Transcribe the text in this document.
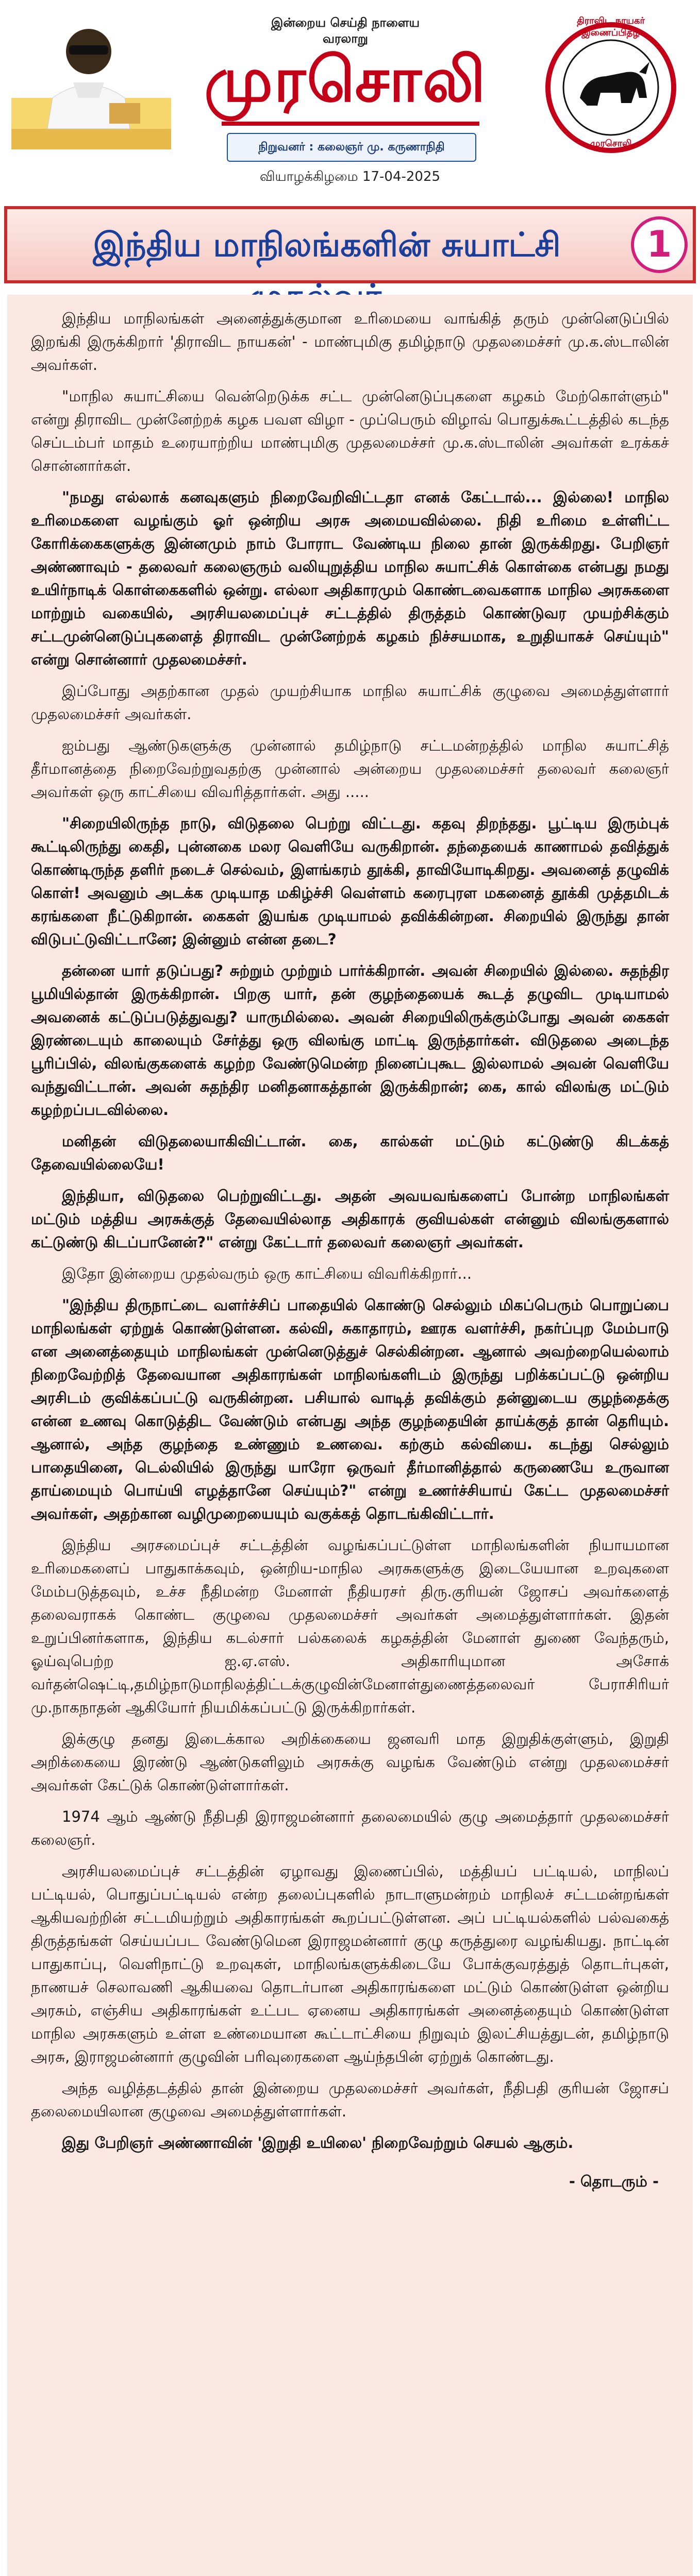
இன்றைய செய்தி நாளைய வரலாறு
முரசொலி
நிறுவனர் : கலைஞர் மு. கருணாநிதி
திராவிட நாயகர் இணைப்பிதழ்
முரசொலி
வியாழக்கிழமை 17-04-2025
இந்திய மாநிலங்களின் சுயாட்சி	1

இந்திய மாநிலங்கள் அனைத்துக்குமான உரிமையை வாங்கித் தரும் முன்னெடுப்பில் இறங்கி இருக்கிறார் 'திராவிட நாயகன்' - மாண்புமிகு தமிழ்நாடு முதலமைச்சர் மு.க.ஸ்டாலின் அவர்கள்.

"மாநில சுயாட்சியை வென்றெடுக்க சட்ட முன்னெடுப்புகளை கழகம் மேற்கொள்ளும்" என்று திராவிட முன்னேற்றக் கழக பவள விழா - முப்பெரும் விழாவ் பொதுக்கூட்டத்தில் கடந்த செப்டம்பர் மாதம் உரையாற்றிய மாண்புமிகு முதலமைச்சர் மு.க.ஸ்டாலின் அவர்கள் உரக்கச் சொன்னார்கள்.

"நமது எல்லாக் கனவுகளும் நிறைவேறிவிட்டதா எனக் கேட்டால்... இல்லை! மாநில உரிமைகளை வழங்கும் ஓர் ஒன்றிய அரசு அமையவில்லை. நிதி உரிமை உள்ளிட்ட கோரிக்கைகளுக்கு இன்னமும் நாம் போராட வேண்டிய நிலை தான் இருக்கிறது. பேறிஞர் அண்ணாவும் - தலைவர் கலைஞரும் வலியுறுத்திய மாநில சுயாட்சிக் கொள்கை என்பது நமது உயிர்நாடிக் கொள்கைகளில் ஒன்று. எல்லா அதிகாரமும் கொண்டவைகளாக மாநில அரசுகளை மாற்றும் வகையில், அரசியலமைப்புச் சட்டத்தில் திருத்தம் கொண்டுவர முயற்சிக்கும் சட்டமுன்னெடுப்புகளைத் திராவிட முன்னேற்றக் கழகம் நிச்சயமாக, உறுதியாகச் செய்யும்" என்று சொன்னார் முதலமைச்சர்.

இப்போது அதற்கான முதல் முயற்சியாக மாநில சுயாட்சிக் குழுவை அமைத்துள்ளார் முதலமைச்சர் அவர்கள்.

ஐம்பது ஆண்டுகளுக்கு முன்னால் தமிழ்நாடு சட்டமன்றத்தில் மாநில சுயாட்சித் தீர்மானத்தை நிறைவேற்றுவதற்கு முன்னால் அன்றைய முதலமைச்சர் தலைவர் கலைஞர் அவர்கள் ஒரு காட்சியை விவரித்தார்கள். அது .....

"சிறையிலிருந்த நாடு, விடுதலை பெற்று விட்டது. கதவு திறந்தது. பூட்டிய இரும்புக் கூட்டிலிருந்து கைதி, புன்னகை மலர வெளியே வருகிறான். தந்தையைக் காணாமல் தவித்துக் கொண்டிருந்த தளிர் நடைச் செல்வம், இளங்கரம் தூக்கி, தாவியோடிகிறது. அவனைத் தழுவிக் கொள்! அவனும் அடக்க முடியாத மகிழ்ச்சி வெள்ளம் கரைபுரள மகனைத் தூக்கி முத்தமிடக் கரங்களை நீட்டுகிறான். கைகள் இயங்க முடியாமல் தவிக்கின்றன. சிறையில் இருந்து தான் விடுபட்டுவிட்டானே; இன்னும் என்ன தடை?

தன்னை யார் தடுப்பது? சுற்றும் முற்றும் பார்க்கிறான். அவன் சிறையில் இல்லை. சுதந்திர பூமியில்தான் இருக்கிறான். பிறகு யார், தன் குழந்தையைக் கூடத் தழுவிட முடியாமல் அவனைக் கட்டுப்படுத்துவது? யாருமில்லை. அவன் சிறையிலிருக்கும்போது அவன் கைகள் இரண்டையும் காலையும் சேர்த்து ஒரு விலங்கு மாட்டி இருந்தார்கள். விடுதலை அடைந்த பூரிப்பில், விலங்குகளைக் கழற்ற வேண்டுமென்ற நினைப்புகூட இல்லாமல் அவன் வெளியே வந்துவிட்டான். அவன் சுதந்திர மனிதனாகத்தான் இருக்கிறான்; கை, கால் விலங்கு மட்டும் கழற்றப்படவில்லை.

மனிதன் விடுதலையாகிவிட்டான். கை, கால்கள் மட்டும் கட்டுண்டு கிடக்கத் தேவையில்லையே!

இந்தியா, விடுதலை பெற்றுவிட்டது. அதன் அவயவங்களைப் போன்ற மாநிலங்கள் மட்டும் மத்திய அரசுக்குத் தேவையில்லாத அதிகாரக் குவியல்கள் என்னும் விலங்குகளால் கட்டுண்டு கிடப்பானேன்?" என்று கேட்டார் தலைவர் கலைஞர் அவர்கள்.

இதோ இன்றைய முதல்வரும் ஒரு காட்சியை விவரிக்கிறார்...

"இந்திய திருநாட்டை வளர்ச்சிப் பாதையில் கொண்டு செல்லும் மிகப்பெரும் பொறுப்பை மாநிலங்கள் ஏற்றுக் கொண்டுள்ளன. கல்வி, சுகாதாரம், ஊரக வளர்ச்சி, நகர்ப்புற மேம்பாடு என அனைத்தையும் மாநிலங்கள் முன்னெடுத்துச் செல்கின்றன. ஆனால் அவற்றையெல்லாம் நிறைவேற்றித் தேவையான அதிகாரங்கள் மாநிலங்களிடம் இருந்து பறிக்கப்பட்டு ஒன்றிய அரசிடம் குவிக்கப்பட்டு வருகின்றன. பசியால் வாடித் தவிக்கும் தன்னுடைய குழந்தைக்கு என்ன உணவு கொடுத்திட வேண்டும் என்பது அந்த குழந்தையின் தாய்க்குத் தான் தெரியும். ஆனால், அந்த குழந்தை உண்ணும் உணவை. கற்கும் கல்வியை. கடந்து செல்லும் பாதையினை, டெல்லியில் இருந்து யாரோ ஒருவர் தீர்மானித்தால் கருணையே உருவான தாய்மையும் பொய்யி எழத்தானே செய்யும்?" என்று உணர்ச்சியாய் கேட்ட முதலமைச்சர் அவர்கள், அதற்கான வழிமுறையையும் வகுக்கத் தொடங்கிவிட்டார்.

இந்திய அரசமைப்புச் சட்டத்தின் வழங்கப்பட்டுள்ள மாநிலங்களின் நியாயமான உரிமைகளைப் பாதுகாக்கவும், ஒன்றிய-மாநில அரசுகளுக்கு இடையேயான உறவுகளை மேம்படுத்தவும், உச்ச நீதிமன்ற மேனாள் நீதியரசர் திரு.குரியன் ஜோசப் அவர்களைத் தலைவராகக் கொண்ட குழுவை முதலமைச்சர் அவர்கள் அமைத்துள்ளார்கள். இதன் உறுப்பினர்களாக, இந்திய கடல்சார் பல்கலைக் கழகத்தின் மேனாள் துணை வேந்தரும், ஓய்வுபெற்ற ஐ.ஏ.எஸ். அதிகாரியுமான அசோக் வர்தன்ஷெட்டி,தமிழ்நாடுமாநிலத்திட்டக்குழுவின்மேனாள்துணைத்தலைவர் பேராசிரியர் மு.நாகநாதன் ஆகியோர் நியமிக்கப்பட்டு இருக்கிறார்கள்.

இக்குழு தனது இடைக்கால அறிக்கையை ஜனவரி மாத இறுதிக்குள்ளும், இறுதி அறிக்கையை இரண்டு ஆண்டுகளிலும் அரசுக்கு வழங்க வேண்டும் என்று முதலமைச்சர் அவர்கள் கேட்டுக் கொண்டுள்ளார்கள்.

1974 ஆம் ஆண்டு நீதிபதி இராஜமன்னார் தலைமையில் குழு அமைத்தார் முதலமைச்சர் கலைஞர்.

அரசியலமைப்புச் சட்டத்தின் ஏழாவது இணைப்பில், மத்தியப் பட்டியல், மாநிலப் பட்டியல், பொதுப்பட்டியல் என்ற தலைப்புகளில் நாடாளுமன்றம் மாநிலச் சட்டமன்றங்கள் ஆகியவற்றின் சட்டமியற்றும் அதிகாரங்கள் கூறப்பட்டுள்ளன. அப் பட்டியல்களில் பல்வகைத் திருத்தங்கள் செய்யப்பட வேண்டுமென இராஜமன்னார் குழு கருத்துரை வழங்கியது. நாட்டின் பாதுகாப்பு, வெளிநாட்டு உறவுகள், மாநிலங்களுக்கிடையே போக்குவரத்துத் தொடர்புகள், நாணயச் செலாவணி ஆகியவை தொடர்பான அதிகாரங்களை மட்டும் கொண்டுள்ள ஒன்றிய அரசும், எஞ்சிய அதிகாரங்கள் உட்பட ஏனைய அதிகாரங்கள் அனைத்தையும் கொண்டுள்ள மாநில அரசுகளும் உள்ள உண்மையான கூட்டாட்சியை நிறுவும் இலட்சியத்துடன், தமிழ்நாடு அரசு, இராஜமன்னார் குழுவின் பரிவுரைகளை ஆய்ந்தபின் ஏற்றுக் கொண்டது.

அந்த வழித்தடத்தில் தான் இன்றைய முதலமைச்சர் அவர்கள், நீதிபதி குரியன் ஜோசப் தலைமையிலான குழுவை அமைத்துள்ளார்கள்.

இது பேறிஞர் அண்ணாவின் 'இறுதி உயிலை' நிறைவேற்றும் செயல் ஆகும்.

- தொடரும் -
